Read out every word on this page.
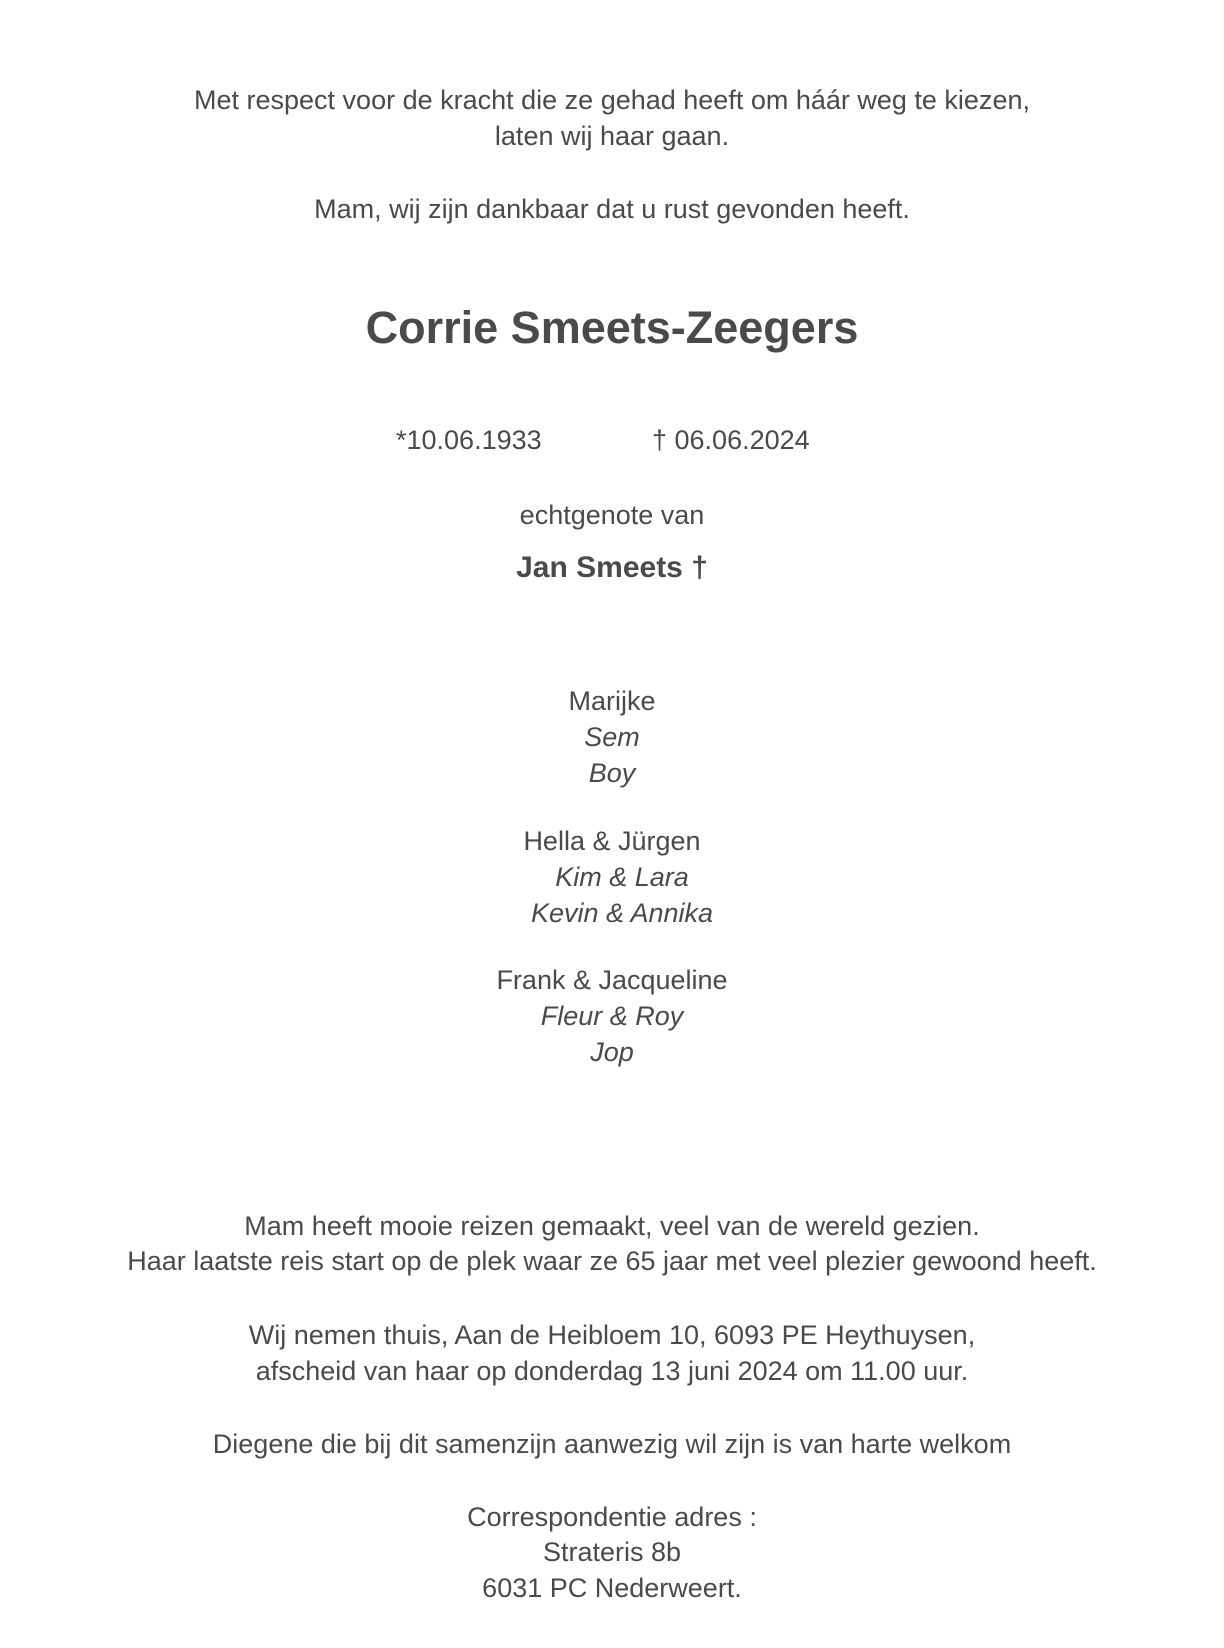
Met respect voor de kracht die ze gehad heeft om háár weg te kiezen,

laten wij haar gaan.

Mam, wij zijn dankbaar dat u rust gevonden heeft.

Corrie Smeets-Zeegers
*10.06.1933	† 06.06.2024

echtgenote van

Jan Smeets †

Marijke

Sem

Boy

Hella & Jürgen

Kim & Lara

Kevin & Annika

Frank & Jacqueline

Fleur & Roy

Jop

Mam heeft mooie reizen gemaakt, veel van de wereld gezien.

Haar laatste reis start op de plek waar ze 65 jaar met veel plezier gewoond heeft.

Wij nemen thuis, Aan de Heibloem 10, 6093 PE Heythuysen,

afscheid van haar op donderdag 13 juni 2024 om 11.00 uur.

Diegene die bij dit samenzijn aanwezig wil zijn is van harte welkom

Correspondentie adres :

Strateris 8b

6031 PC Nederweert.
